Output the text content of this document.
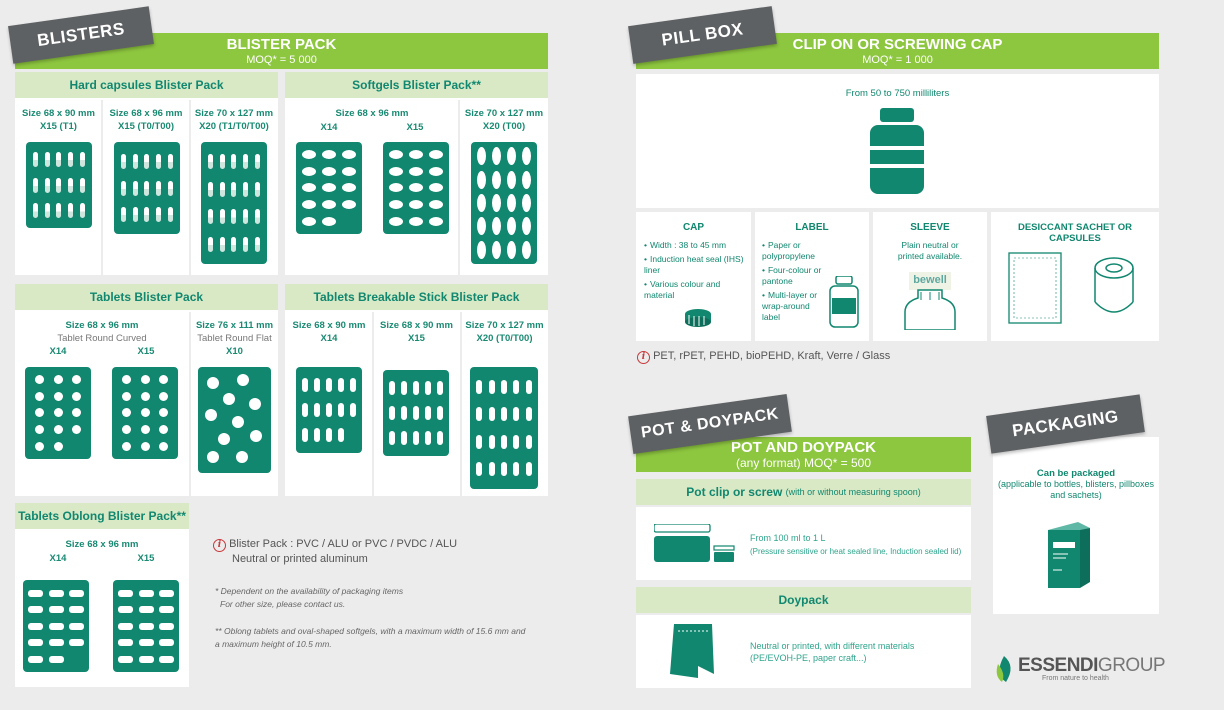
BLISTERS	BLISTER PACK
MOQ* = 5 000
Hard capsules Blister Pack
Size 68 x 90 mm
X15 (T1)
Size 68 x 96 mm
X15 (T0/T00)
Size 70 x 127 mm
X20 (T1/T0/T00)
Softgels Blister Pack**
Size 68 x 96 mm
X14	X15
Size 70 x 127 mm
X20 (T00)
Tablets Blister Pack
Size 68 x 96 mm
Tablet Round Curved
X14	X15
Size 76 x 111 mm
Tablet Round Flat
X10
Tablets Breakable Stick Blister Pack
Size 68 x 90 mm
X14
Size 68 x 90 mm
X15
Size 70 x 127 mm
X20 (T0/T00)
Tablets Oblong Blister Pack**
Size 68 x 96 mm
X14	X15
i Blister Pack : PVC / ALU or PVC / PVDC / ALU
Neutral or printed aluminum
* Dependent on the availability of packaging items
For other size, please contact us.
** Oblong tablets and oval-shaped softgels, with a maximum width of 15.6 mm and
a maximum height of 10.5 mm.
PILL BOX	CLIP ON OR SCREWING CAP
MOQ* = 1 000
From 50 to 750 milliliters
CAP
• Width : 38 to 45 mm
• Induction heat seal (IHS) liner
• Various colour and material
LABEL
• Paper or polypropylene
• Four-colour or pantone
• Multi-layer or wrap-around label
SLEEVE
Plain neutral or printed available.
bewell
DESICCANT SACHET OR CAPSULES
i PET, rPET, PEHD, bioPEHD, Kraft, Verre / Glass
POT & DOYPACK
POT AND DOYPACK
(any format) MOQ* = 500
Pot clip or screw
(with or without measuring spoon)
From 100 ml to 1 L
(Pressure sensitive or heat sealed line, Induction sealed lid)
Doypack
Neutral or printed, with different materials
(PE/EVOH-PE, paper craft...)
PACKAGING
Can be packaged
(applicable to bottles, blisters, pillboxes and sachets)
ESSENDIGROUP
From nature to health
